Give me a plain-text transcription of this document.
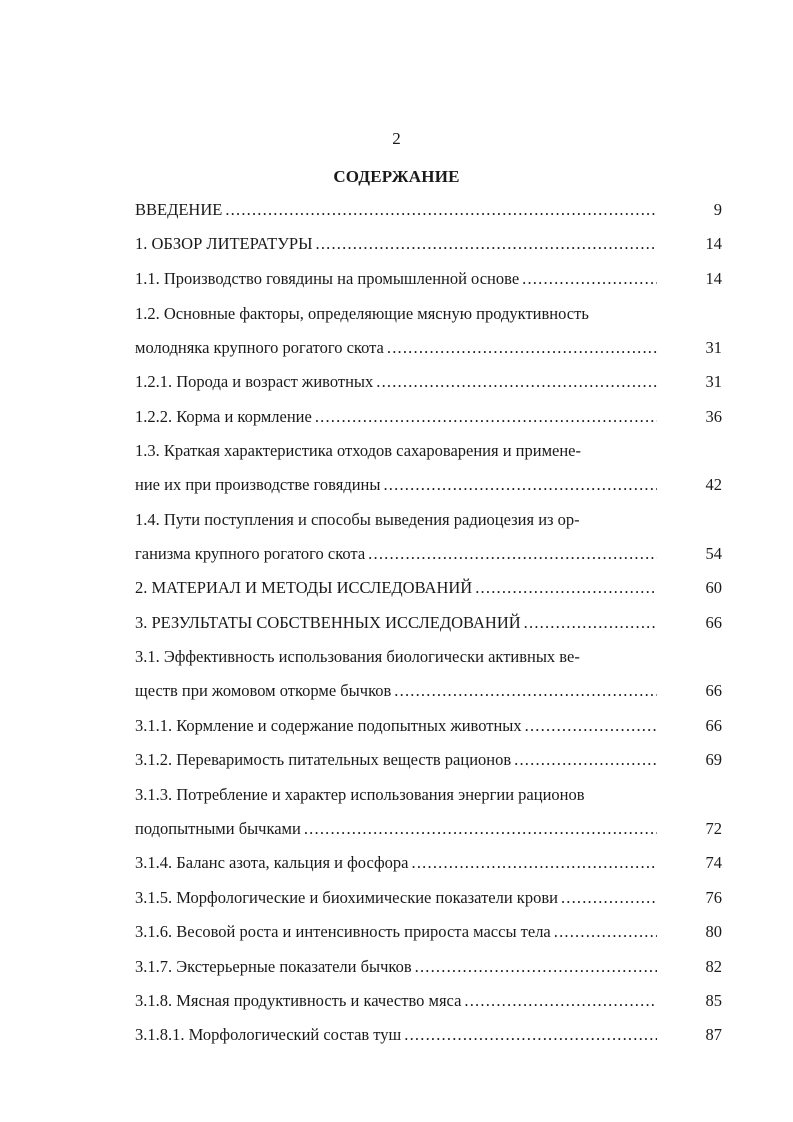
2
СОДЕРЖАНИЕ
ВВЕДЕНИЕ .....	9
1. ОБЗОР ЛИТЕРАТУРЫ .....	14
1.1. Производство говядины на промышленной основе .....	14
1.2. Основные факторы, определяющие мясную продуктивность
молодняка крупного рогатого скота .....	31
1.2.1. Порода и возраст животных .....	31
1.2.2. Корма и кормление .....	36
1.3. Краткая характеристика отходов сахароварения и примене-
ние их при производстве говядины .....	42
1.4. Пути поступления и способы выведения радиоцезия из ор-
ганизма крупного рогатого скота .....	54
2. МАТЕРИАЛ И МЕТОДЫ ИССЛЕДОВАНИЙ .....	60
3. РЕЗУЛЬТАТЫ СОБСТВЕННЫХ ИССЛЕДОВАНИЙ .....	66
3.1. Эффективность использования биологически активных ве-
ществ при жомовом откорме бычков .....	66
3.1.1. Кормление и содержание подопытных животных .....	66
3.1.2. Переваримость питательных веществ рационов .....	69
3.1.3. Потребление и характер использования энергии рационов
подопытными бычками .....	72
3.1.4. Баланс азота, кальция и фосфора .....	74
3.1.5. Морфологические и биохимические показатели крови .....	76
3.1.6. Весовой роста и интенсивность прироста массы тела .....	80
3.1.7. Экстерьерные показатели бычков .....	82
3.1.8. Мясная продуктивность и качество мяса .....	85
3.1.8.1. Морфологический состав туш .....	87
